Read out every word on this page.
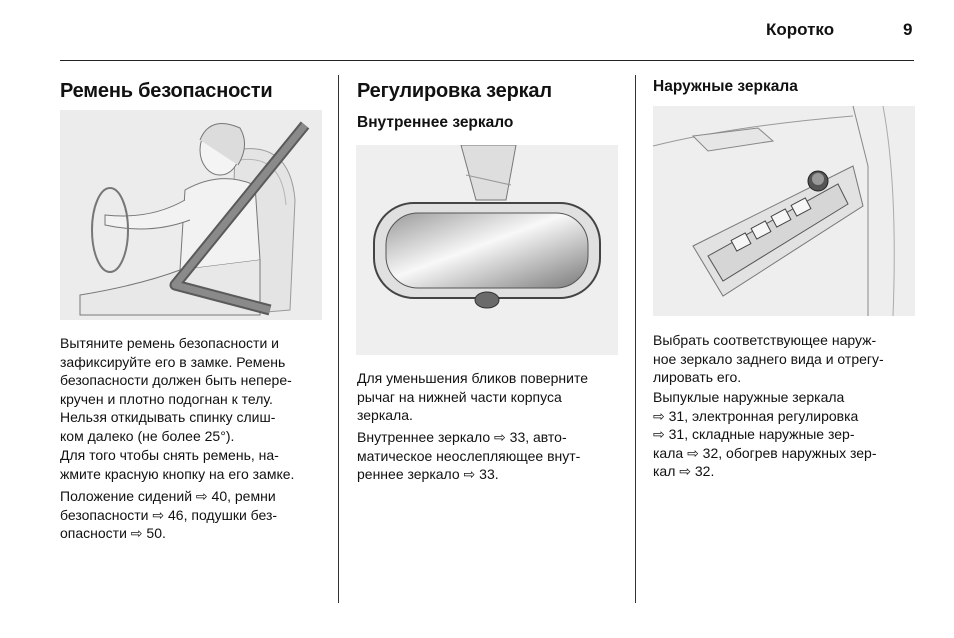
Коротко	9
Ремень безопасности
Вытяните ремень безопасности и
зафиксируйте его в замке. Ремень
безопасности должен быть непере-
кручен и плотно подогнан к телу.
Нельзя откидывать спинку слиш-
ком далеко (не более 25°).
Для того чтобы снять ремень, на-
жмите красную кнопку на его замке.
Положение сидений ⇨ 40, ремни
безопасности ⇨ 46, подушки без-
опасности ⇨ 50.
Регулировка зеркал
Внутреннее зеркало
Для уменьшения бликов поверните
рычаг на нижней части корпуса
зеркала.
Внутреннее зеркало ⇨ 33, авто-
матическое неослепляющее внут-
реннее зеркало ⇨ 33.
Наружные зеркала
Выбрать соответствующее наруж-
ное зеркало заднего вида и отрегу-
лировать его.
Выпуклые наружные зеркала
⇨ 31, электронная регулировка
⇨ 31, складные наружные зер-
кала ⇨ 32, обогрев наружных зер-
кал ⇨ 32.
